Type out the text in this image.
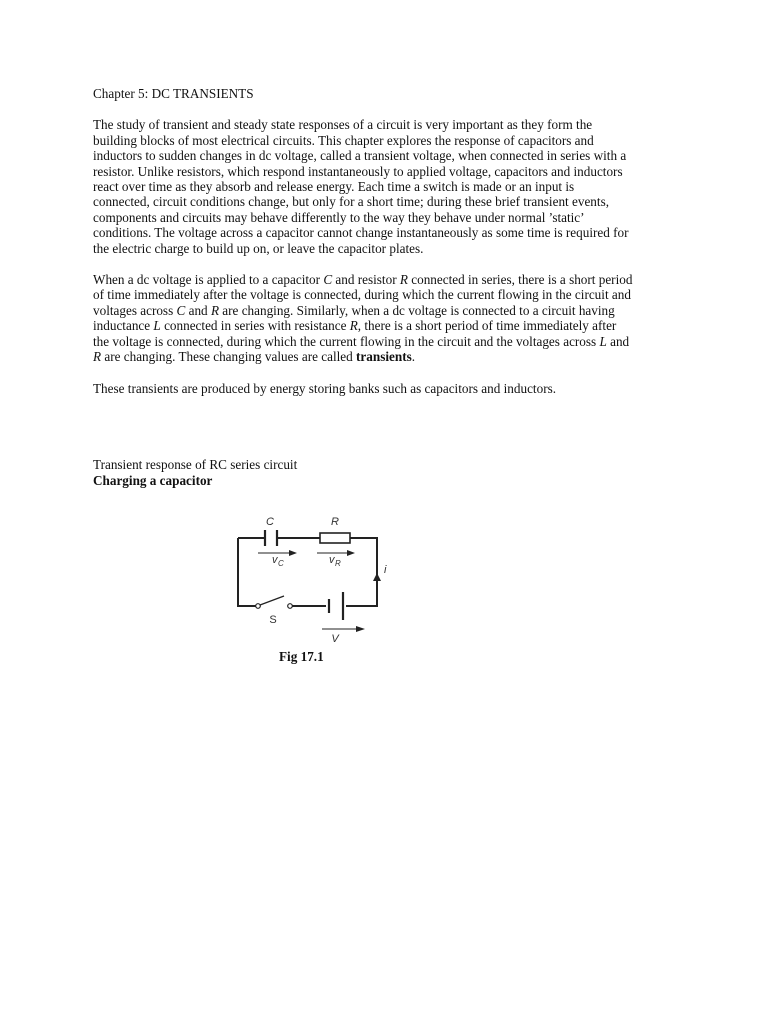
Chapter 5: DC TRANSIENTS
The study of transient and steady state responses of a circuit is very important as they form the
building blocks of most electrical circuits. This chapter explores the response of capacitors and
inductors to sudden changes in dc voltage, called a transient voltage, when connected in series with a
resistor. Unlike resistors, which respond instantaneously to applied voltage, capacitors and inductors
react over time as they absorb and release energy. Each time a switch is made or an input is
connected, circuit conditions change, but only for a short time; during these brief transient events,
components and circuits may behave differently to the way they behave under normal ’static’
conditions. The voltage across a capacitor cannot change instantaneously as some time is required for
the electric charge to build up on, or leave the capacitor plates.
When a dc voltage is applied to a capacitor C and resistor R connected in series, there is a short period
of time immediately after the voltage is connected, during which the current flowing in the circuit and
voltages across C and R are changing. Similarly, when a dc voltage is connected to a circuit having
inductance L connected in series with resistance R, there is a short period of time immediately after
the voltage is connected, during which the current flowing in the circuit and the voltages across L and
R are changing. These changing values are called transients.
These transients are produced by energy storing banks such as capacitors and inductors.
Transient response of RC series circuit
Charging a capacitor
C	R
v C	v R
i
S
V
Fig 17.1
